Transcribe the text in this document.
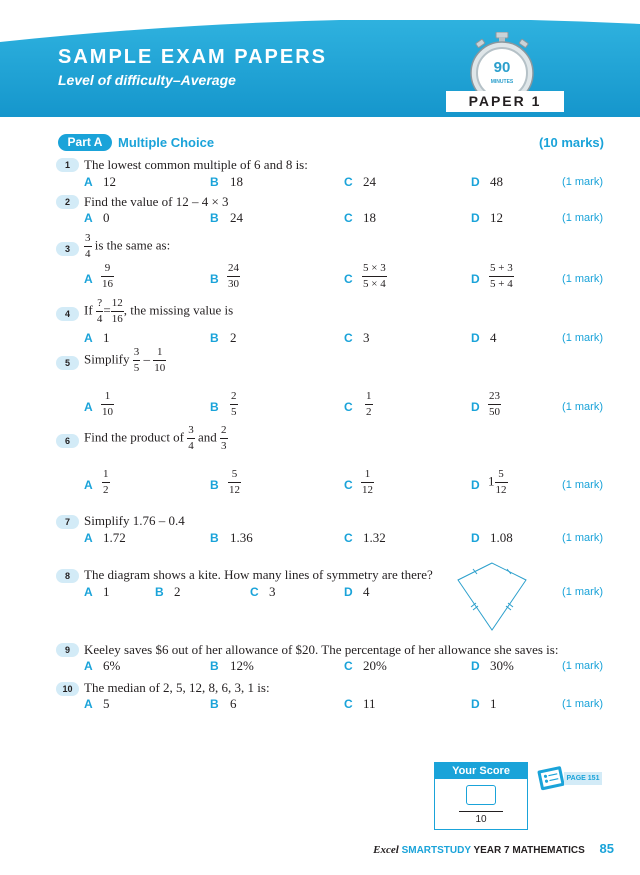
SAMPLE EXAM PAPERS
Level of difficulty–Average
90
MINUTES
PAPER 1
Part A	Multiple Choice	(10 marks)
1	The lowest common multiple of 6 and 8 is:
A 12	B 18	C 24	D 48	(1 mark)
2	Find the value of 12 – 4 × 3
A 0	B 24	C 18	D 12	(1 mark)
3	$\frac{3}{4}$ is the same as:
A $\frac{9}{16}$	B $\frac{24}{30}$	C $\frac{5 \times 3}{5 \times 4}$	D $\frac{5 + 3}{5 + 4}$	(1 mark)
4	If $\frac{?}{4} = \frac{12}{16}$ , the missing value is
A 1	B 2	C 3	D 4	(1 mark)
5	Simplify $\frac{3}{5} - \frac{1}{10}$
A $\frac{1}{10}$	B $\frac{2}{5}$	C $\frac{1}{2}$	D $\frac{23}{50}$	(1 mark)
6	Find the product of $\frac{3}{4}$ and $\frac{2}{3}$
A $\frac{1}{2}$	B $\frac{5}{12}$	C $\frac{1}{12}$	D $1 \frac{5}{12}$	(1 mark)
7	Simplify 1.76 – 0.4
A 1.72	B 1.36	C 1.32	D 1.08	(1 mark)
8	The diagram shows a kite. How many lines of symmetry are there?
A 1	B 2	C 3	D 4	(1 mark)
9	Keeley saves $6 out of her allowance of $20. The percentage of her allowance she saves is:
A 6%	B 12%	C 20%	D 30%	(1 mark)
10 The median of 2, 5, 12, 8, 6, 3, 1 is:
A 5	B 6	C 11	D 1	(1 mark)
Your Score
10
PAGE 151
Excel SMARTSTUDY YEAR 7 MATHEMATICS 85
